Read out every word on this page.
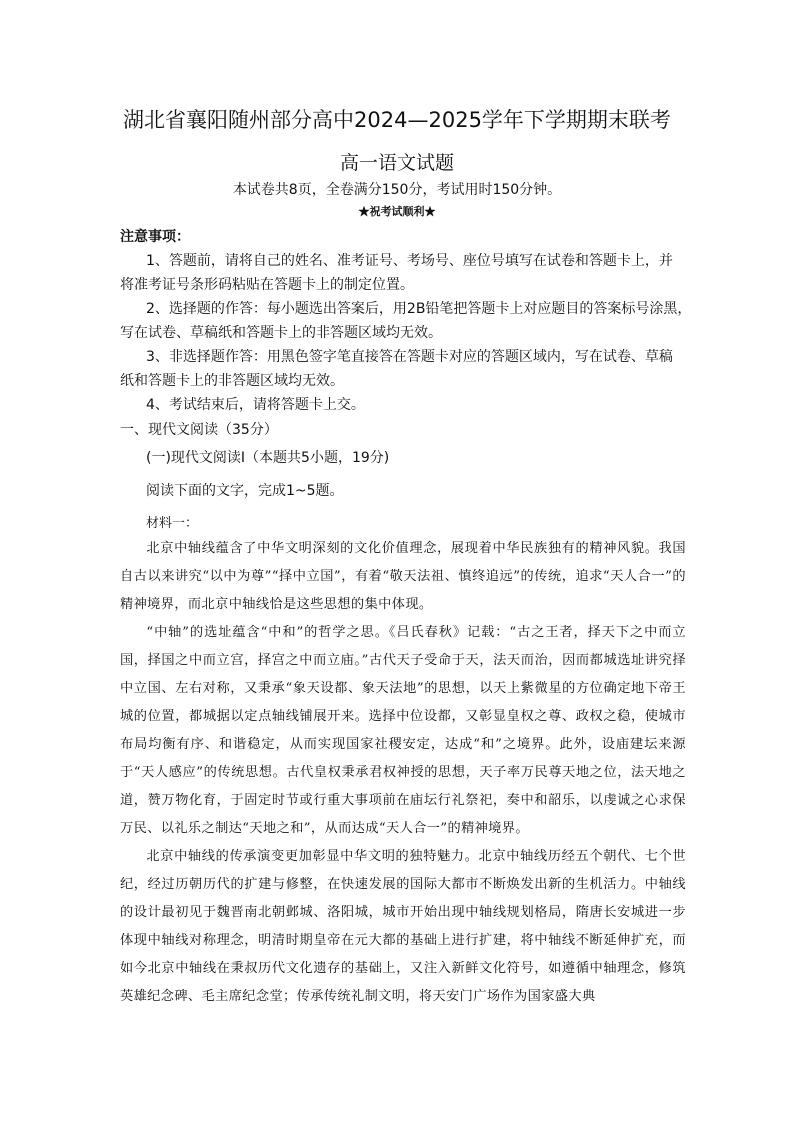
湖北省襄阳随州部分高中2024—2025学年下学期期末联考
高一语文试题
本试卷共8页，全卷满分150分，考试用时150分钟。
★祝考试顺利★
注意事项：
1、答题前，请将自己的姓名、准考证号、考场号、座位号填写在试卷和答题卡上，并
将准考证号条形码粘贴在答题卡上的制定位置。
2、选择题的作答：每小题选出答案后，用2B铅笔把答题卡上对应题目的答案标号涂黑，
写在试卷、草稿纸和答题卡上的非答题区域均无效。
3、非选择题作答：用黑色签字笔直接答在答题卡对应的答题区域内，写在试卷、草稿
纸和答题卡上的非答题区域均无效。
4、考试结束后，请将答题卡上交。
一、现代文阅读（35分）
(一)现代文阅读Ⅰ（本题共5小题，19分)
阅读下面的文字，完成1~5题。
材料一：

北京中轴线蕴含了中华文明深刻的文化价值理念，展现着中华民族独有的精神风貌。我国自古以来讲究“以中为尊”“择中立国”，有着“敬天法祖、慎终追远”的传统，追求“天人合一”的精神境界，而北京中轴线恰是这些思想的集中体现。

“中轴”的选址蕴含“中和”的哲学之思。《吕氏春秋》记载：“古之王者，择天下之中而立国，择国之中而立宫，择宫之中而立庙。”古代天子受命于天，法天而治，因而都城选址讲究择中立国、左右对称，又秉承“象天设都、象天法地”的思想，以天上紫微星的方位确定地下帝王城的位置，都城据以定点轴线铺展开来。选择中位设都，又彰显皇权之尊、政权之稳，使城市布局均衡有序、和谐稳定，从而实现国家社稷安定，达成“和”之境界。此外，设庙建坛来源于“天人感应”的传统思想。古代皇权秉承君权神授的思想，天子率万民尊天地之位，法天地之道，赞万物化育，于固定时节或行重大事项前在庙坛行礼祭祀，奏中和韶乐，以虔诚之心求保万民、以礼乐之制达“天地之和”，从而达成“天人合一”的精神境界。

北京中轴线的传承演变更加彰显中华文明的独特魅力。北京中轴线历经五个朝代、七个世纪，经过历朝历代的扩建与修整，在快速发展的国际大都市不断焕发出新的生机活力。中轴线的设计最初见于魏晋南北朝邺城、洛阳城，城市开始出现中轴线规划格局，隋唐长安城进一步体现中轴线对称理念，明清时期皇帝在元大都的基础上进行扩建，将中轴线不断延伸扩充，而如今北京中轴线在秉叔历代文化遗存的基础上，又注入新鲜文化符号，如遵循中轴理念，修筑英雄纪念碑、毛主席纪念堂；传承传统礼制文明，将天安门广场作为国家盛大典
